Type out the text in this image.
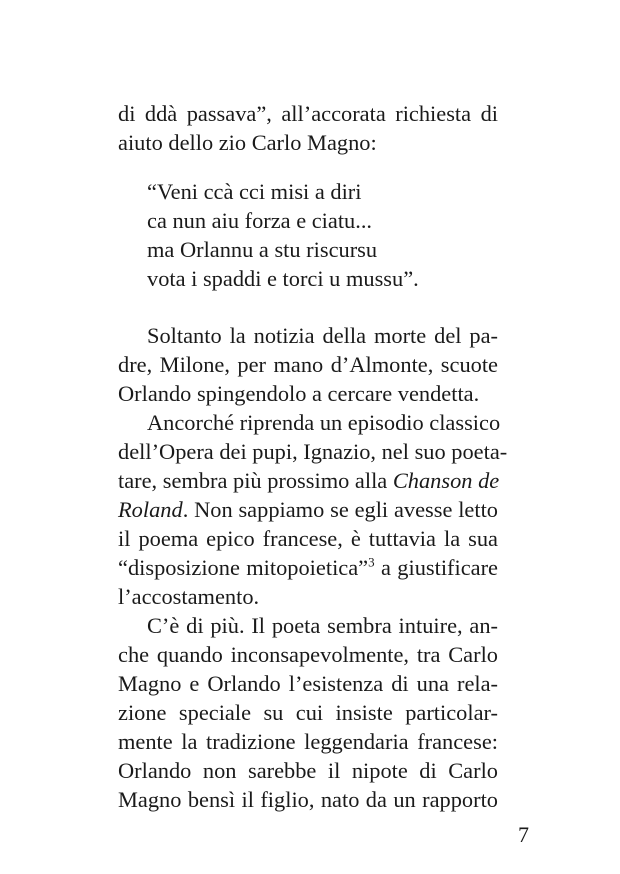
di ddà passava”, all’accorata richiesta di
aiuto dello zio Carlo Magno:
“Veni ccà cci misi a diri
ca nun aiu forza e ciatu...
ma Orlannu a stu riscursu
vota i spaddi e torci u mussu”.
Soltanto la notizia della morte del pa-
dre, Milone, per mano d’Almonte, scuote
Orlando spingendolo a cercare vendetta.
Ancorché riprenda un episodio classico
dell’Opera dei pupi, Ignazio, nel suo poeta-
tare, sembra più prossimo alla Chanson de
Roland. Non sappiamo se egli avesse letto
il poema epico francese, è tuttavia la sua
“disposizione mitopoietica”$^3$ a giustificare
l’accostamento.
C’è di più. Il poeta sembra intuire, an-
che quando inconsapevolmente, tra Carlo
Magno e Orlando l’esistenza di una rela-
zione speciale su cui insiste particolar-
mente la tradizione leggendaria francese:
Orlando non sarebbe il nipote di Carlo
Magno bensì il figlio, nato da un rapporto
7
